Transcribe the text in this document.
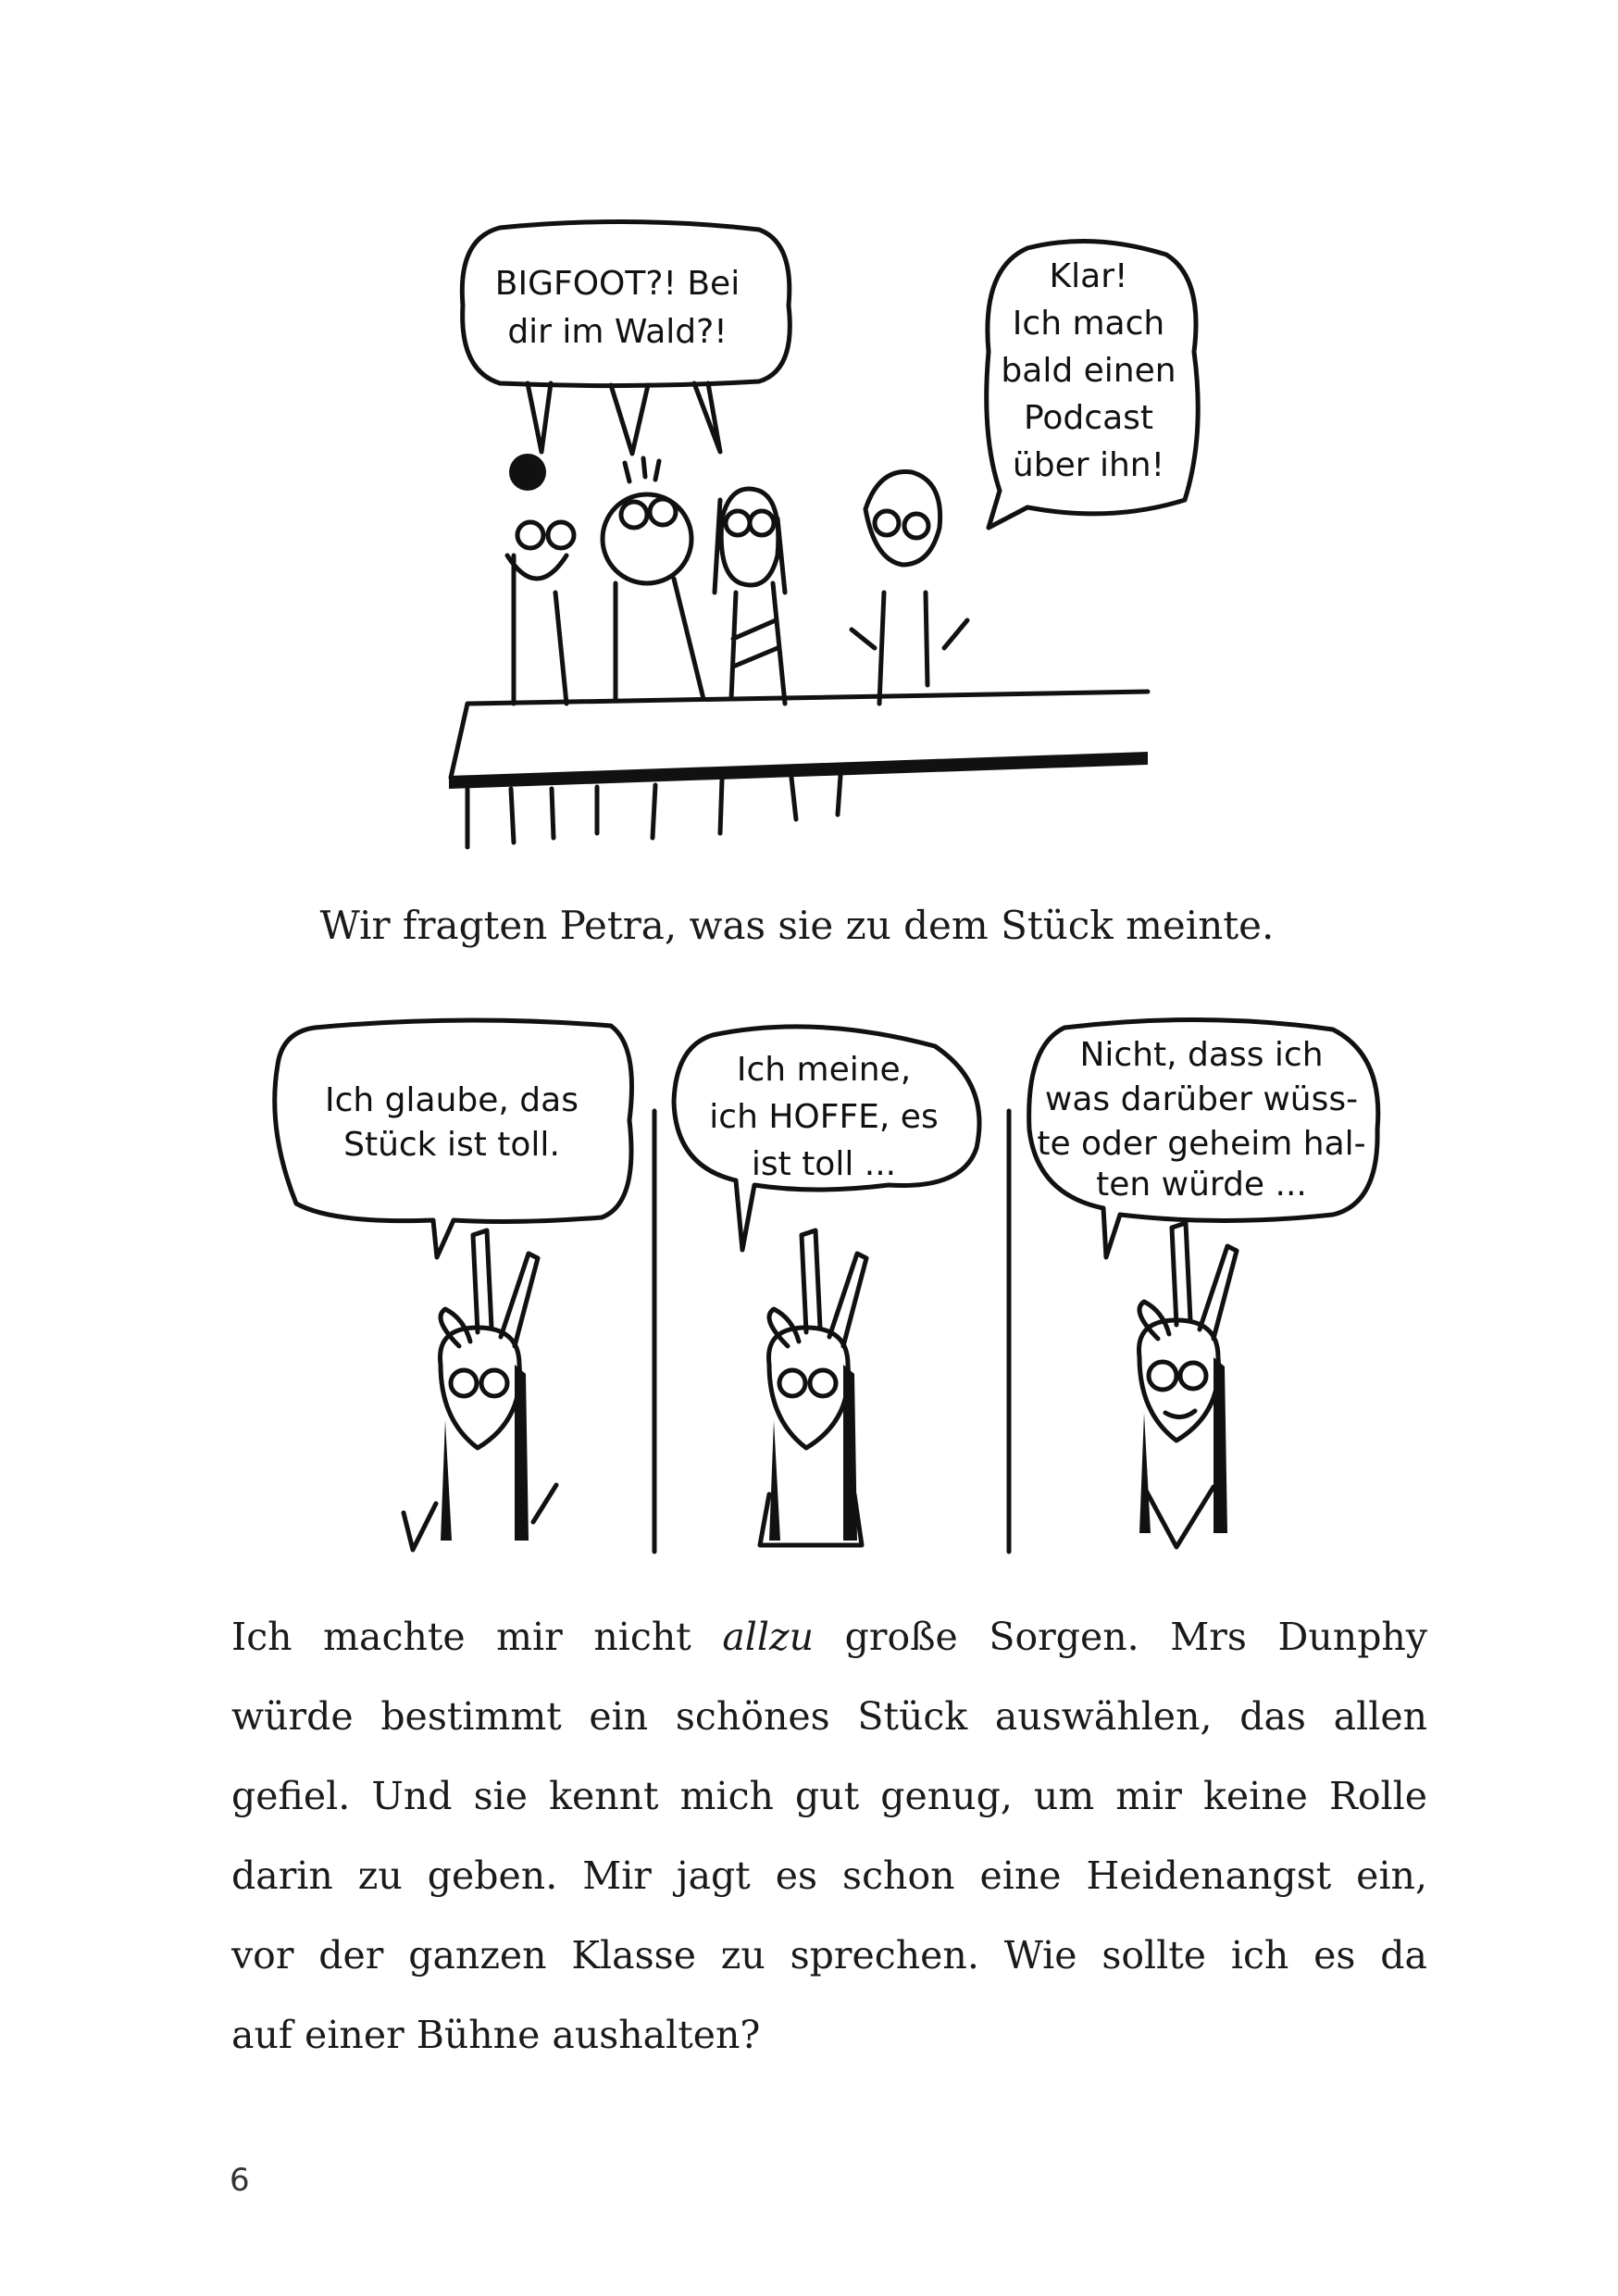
BIGFOOT?! Bei
dir im Wald?!
Klar!
Ich mach
bald einen
Podcast
über ihn!
Ich glaube, das
Stück ist toll.
Ich meine,
ich HOFFE, es
ist toll ...
Nicht, dass ich
was darüber wüss-
te oder geheim hal-
ten würde ...
Wir fragten Petra, was sie zu dem Stück meinte.
Ich machte mir nicht allzu große Sorgen. Mrs Dunphy
würde bestimmt ein schönes Stück auswählen, das allen
gefiel. Und sie kennt mich gut genug, um mir keine Rolle
darin zu geben. Mir jagt es schon eine Heidenangst ein,
vor der ganzen Klasse zu sprechen. Wie sollte ich es da
auf einer Bühne aushalten?
6
